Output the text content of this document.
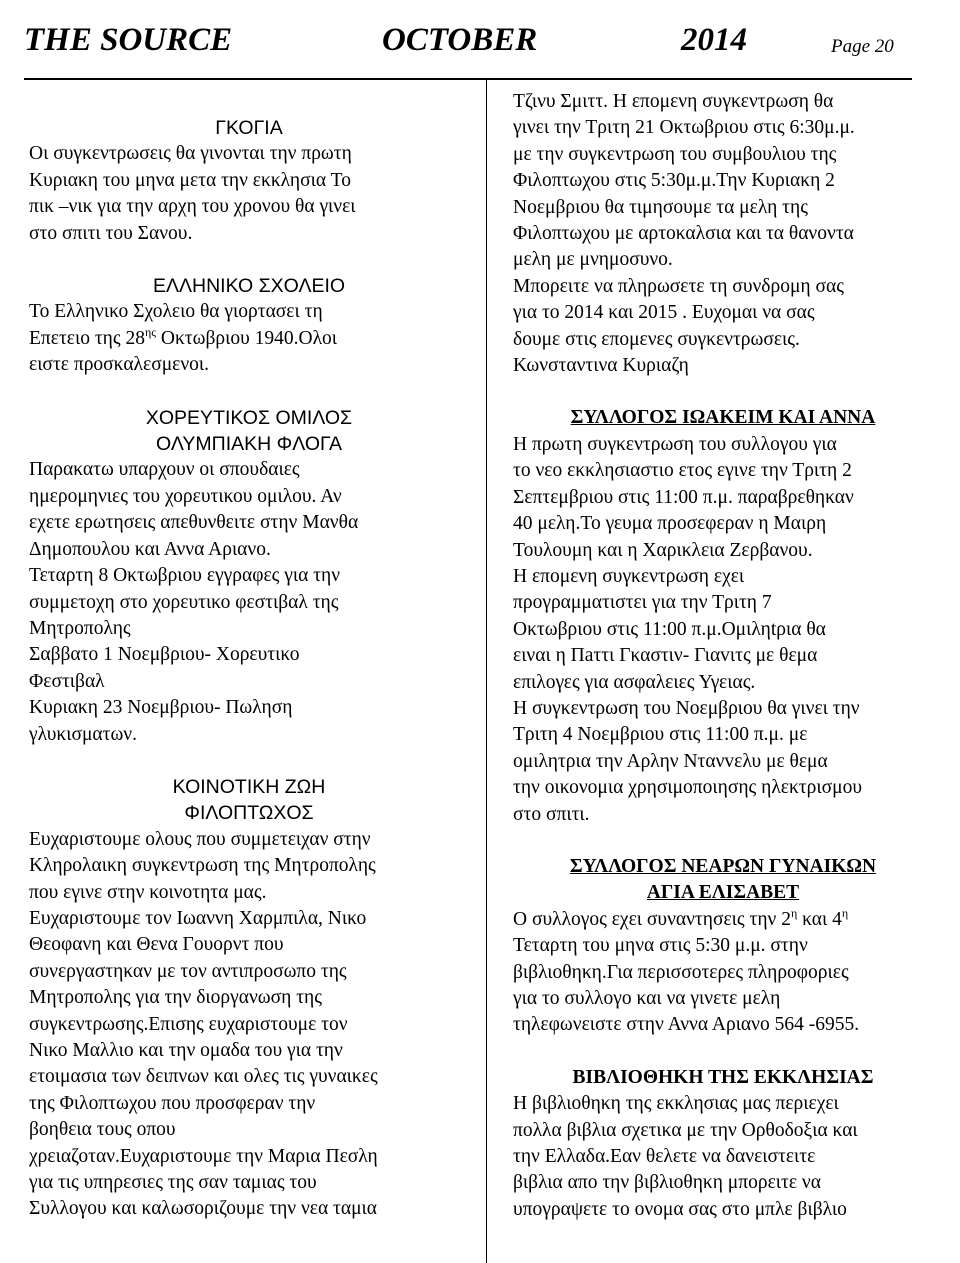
THE SOURCE	OCTOBER	2014	Page 20
ΓΚΟΓΙΑ
Οι συγκεντρωσεις θα γινονται την πρωτη
Κυριακη του μηνα μετα την εκκλησια Το
πικ –νικ για την αρχη του χρονου θα γινει
στο σπιτι του Σανου.
ΕΛΛΗΝΙΚΟ ΣΧΟΛΕΙΟ
Το Ελληνικο Σχολειο θα γιορτασει τη
Επετειο της $28^{\eta\varsigma}$ Οκτωβριου 1940.Ολοι
ειστε προσκαλεσμενοι.
ΧΟΡΕΥΤΙΚΟΣ ΟΜΙΛΟΣ
ΟΛΥΜΠΙΑΚΗ ΦΛΟΓΑ
Παρακατω υπαρχουν οι σπουδαιες
ημερομηνιες του χορευτικου ομιλου. Αν
εχετε ερωτησεις απεθυνθειτε στην Μανθα
Δημοπουλου και Αννα Αριανο.
Τεταρτη 8 Οκτωβριου εγγραφες για την
συμμετοχη στο χορευτικο φεστιβαλ της
Μητροπολης
Σαββατο 1 Νοεμβριου- Χορευτικο
Φεστιβαλ
Κυριακη 23 Νοεμβριου- Πωληση
γλυκισματων.
ΚΟΙΝΟΤΙΚΗ ΖΩΗ
ΦΙΛΟΠΤΩΧΟΣ
Ευχαριστουμε ολους που συμμετειχαν στην
Κληρολαικη συγκεντρωση της Μητροπολης
που εγινε στην κοινοτητα μας.
Ευχαριστουμε τον Ιωαννη Χαρμπιλα, Νικο
Θεοφανη και Θενα Γουορντ που
συνεργαστηκαν με τον αντιπροσωπο της
Μητροπολης για την διοργανωση της
συγκεντρωσης.Επισης ευχαριστουμε τον
Νικο Μαλλιο και την ομαδα του για την
ετοιμασια των δειπνων και ολες τις γυναικες
της Φιλοπτωχου που προσφεραν την
βοηθεια τους οπου
χρειαζοταν.Ευχαριστουμε την Μαρια Πεσλη
για τις υπηρεσιες της σαν ταμιας του
Συλλογου και καλωσοριζουμε την νεα ταμια
Τζινυ Σμιττ. Η επομενη συγκεντρωση θα
γινει την Τριτη 21 Οκτωβριου στις 6:30μ.μ.
με την συγκεντρωση του συμβουλιου της
Φιλοπτωχου στις 5:30μ.μ.Την Κυριακη 2
Νοεμβριου θα τιμησουμε τα μελη της
Φιλοπτωχου με αρτοκαλσια και τα θανοντα
μελη με μνημοσυνο.
Μπορειτε να πληρωσετε τη συνδρομη σας
για το 2014 και 2015 . Ευχομαι να σας
δουμε στις επομενες συγκεντρωσεις.
Κωνσταντινα Κυριαζη
ΣΥΛΛΟΓΟΣ ΙΩΑΚΕΙΜ ΚΑΙ ΑΝΝΑ
Η πρωτη συγκεντρωση του συλλογου για
το νεο εκκλησιαστιο ετος εγινε την Τριτη 2
Σεπτεμβριου στις 11:00 π.μ. παραβρεθηκαν
40 μελη.Το γευμα προσεφεραν η Μαιρη
Τουλουμη και η Χαρικλεια Ζερβανου.
Η επομενη συγκεντρωση εχει
προγραμματιστει για την Τριτη 7
Οκτωβριου στις 11:00 π.μ.Ομιληtρια θα
ειναι η Πaττι Γκαστιν- Γιαvιτς με θεμα
επιλογες για ασφαλειες Υγειας.
Η συγκεντρωση του Νοεμβριου θα γινει την
Τριτη 4 Νοεμβριου στις 11:00 π.μ. με
ομιλητρια την Αρλην Ντανvελυ με θεμα
την οικονομια χρησιμοποιησης ηλεκτρισμου
στο σπιτι.
ΣΥΛΛΟΓΟΣ ΝΕΑΡΩΝ ΓΥΝΑΙΚΩΝ
ΑΓΙΑ ΕΛΙΣΑΒΕΤ
Ο συλλογος εχει συναντησεις την $2^\eta$ και $4^\eta$
Τεταρτη του μηνα στις 5:30 μ.μ. στην
βιβλιοθηκη.Για περισσοτερες πληροφοριες
για το συλλογο και να γινετε μελη
τηλεφωνειστε στην Αννα Αριανο 564 -6955.
ΒΙΒΛΙΟΘΗΚΗ ΤΗΣ ΕΚΚΛΗΣΙΑΣ
Η βιβλιοθηκη της εκκλησιας μας περιεχει
πολλα βιβλια σχετικα με την Ορθοδοξια και
την Ελλαδα.Εαν θελετε να δανειστειτε
βιβλια απο την βιβλιοθηκη μπορειτε να
υπογραψετε το ονομα σας στο μπλε βιβλιο
